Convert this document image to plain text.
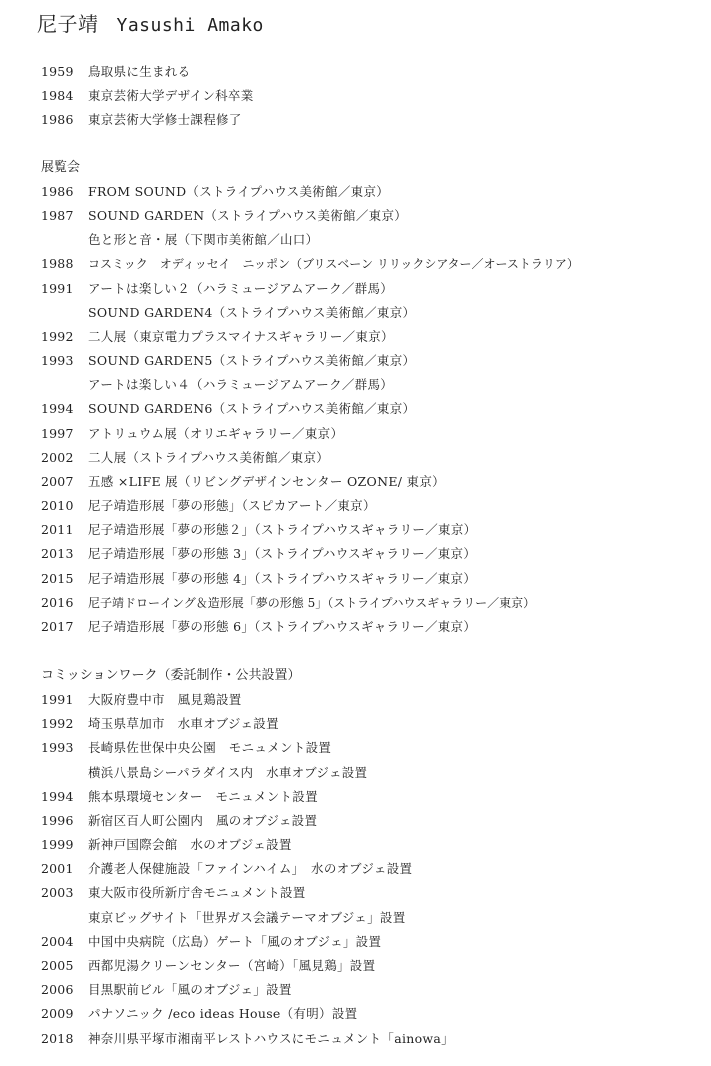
尼子靖 Yasushi Amako
1959 鳥取県に生まれる
1984 東京芸術大学デザイン科卒業
1986 東京芸術大学修士課程修了
展覧会
1986 FROM SOUND（ストライプハウス美術館／東京）
1987 SOUND GARDEN（ストライプハウス美術館／東京）
色と形と音・展（下関市美術館／山口）
1988 コスミック　オディッセイ　ニッポン（ブリスベーン リリックシアター／オーストラリア）
1991 アートは楽しい２（ハラミュージアムアーク／群馬）
SOUND GARDEN4（ストライプハウス美術館／東京）
1992 二人展（東京電力プラスマイナスギャラリー／東京）
1993 SOUND GARDEN5（ストライプハウス美術館／東京）
アートは楽しい４（ハラミュージアムアーク／群馬）
1994 SOUND GARDEN6（ストライプハウス美術館／東京）
1997 アトリュウム展（オリエギャラリー／東京）
2002 二人展（ストライプハウス美術館／東京）
2007 五感 ×LIFE 展（リビングデザインセンター OZONE/ 東京）
2010 尼子靖造形展「夢の形態」（スピカアート／東京）
2011 尼子靖造形展「夢の形態２」（ストライプハウスギャラリー／東京）
2013 尼子靖造形展「夢の形態 3」（ストライプハウスギャラリー／東京）
2015 尼子靖造形展「夢の形態 4」（ストライプハウスギャラリー／東京）
2016 尼子靖ドローイング＆造形展「夢の形態 5」（ストライプハウスギャラリー／東京）
2017 尼子靖造形展「夢の形態 6」（ストライプハウスギャラリー／東京）
コミッションワーク（委託制作・公共設置）
1991 大阪府豊中市　風見鶏設置
1992 埼玉県草加市　水車オブジェ設置
1993 長崎県佐世保中央公園　モニュメント設置
横浜八景島シーパラダイス内　水車オブジェ設置
1994 熊本県環境センター　モニュメント設置
1996 新宿区百人町公園内　風のオブジェ設置
1999 新神戸国際会館　水のオブジェ設置
2001 介護老人保健施設「ファインハイム」　水のオブジェ設置
2003 東大阪市役所新庁舎モニュメント設置
東京ビッグサイト「世界ガス会議テーマオブジェ」設置
2004 中国中央病院（広島）ゲート「風のオブジェ」設置
2005 西都児湯クリーンセンター（宮崎）「風見鶏」設置
2006 目黒駅前ビル「風のオブジェ」設置
2009 パナソニック /eco ideas House（有明）設置
2018 神奈川県平塚市湘南平レストハウスにモニュメント「ainowa」
